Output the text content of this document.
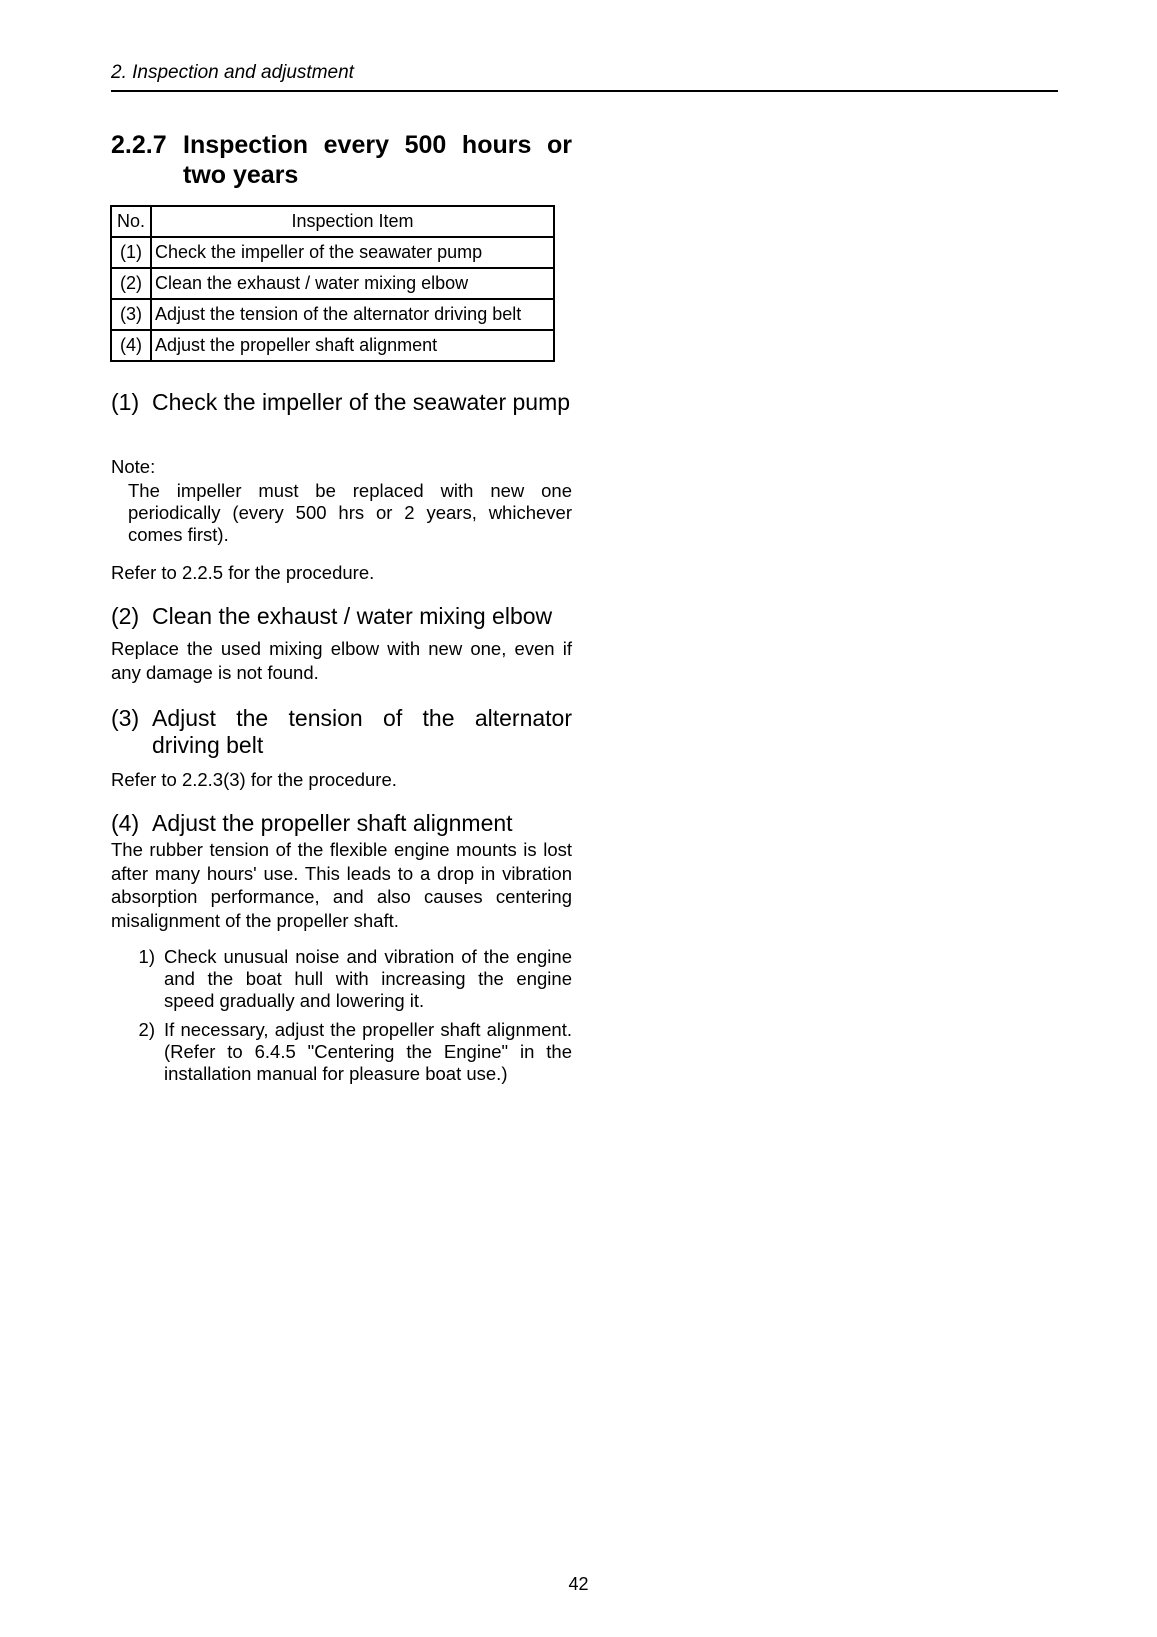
2. Inspection and adjustment
2.2.7 Inspection every 500 hours or two years
No.	Inspection Item
(1)	Check the impeller of the seawater pump
(2)	Clean the exhaust / water mixing elbow
(3)	Adjust the tension of the alternator driving belt
(4)	Adjust the propeller shaft alignment
(1) Check the impeller of the seawater pump
Note:
The impeller must be replaced with new one periodically (every 500 hrs or 2 years, whichever comes first).
Refer to 2.2.5 for the procedure.
(2) Clean the exhaust / water mixing elbow
Replace the used mixing elbow with new one, even if any damage is not found.
(3) Adjust the tension of the alternator driving belt
Refer to 2.2.3(3) for the procedure.
(4) Adjust the propeller shaft alignment
The rubber tension of the flexible engine mounts is lost after many hours' use. This leads to a drop in vibration absorption performance, and also causes centering misalignment of the propeller shaft.
1) Check unusual noise and vibration of the engine and the boat hull with increasing the engine speed gradually and lowering it.
2) If necessary, adjust the propeller shaft alignment. (Refer to 6.4.5 "Centering the Engine" in the installation manual for pleasure boat use.)
42
